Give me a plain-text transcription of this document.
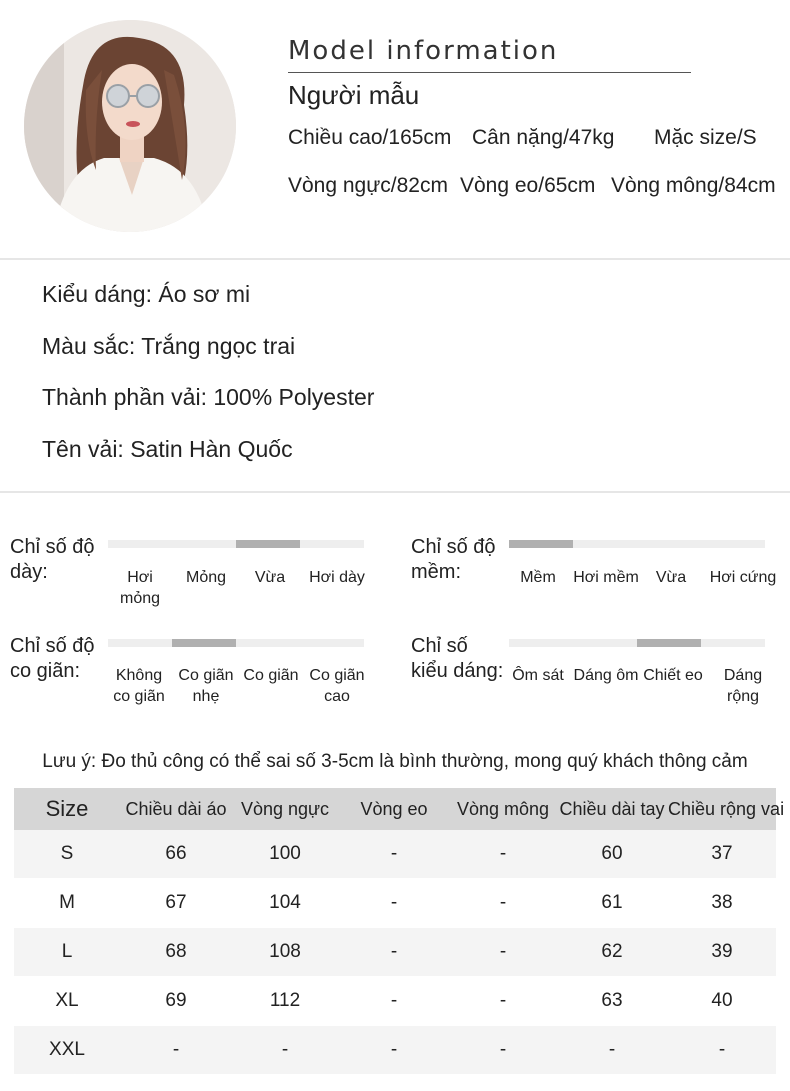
Model information
Người mẫu
Chiều cao/165cm Cân nặng/47kg Mặc size/S
Vòng ngực/82cm Vòng eo/65cm Vòng mông/84cm
Kiểu dáng: Áo sơ mi
Màu sắc: Trắng ngọc trai
Thành phần vải: 100% Polyester
Tên vải: Satin Hàn Quốc
Chỉ số độ
dày:	Hơi mỏng
Mỏng	Vừa	Hơi dày
Chỉ số độ
mềm:	Mềm	Hơi mềm	Vừa	Hơi cứng
Chỉ số độ
co giãn:	Không
co giãn
Co giãn
nhẹ
Co giãn Co giãn
cao
Chỉ số
kiểu dáng: Ôm sát Dáng ôm Chiết eo	Dáng
rộng
Lưu ý: Đo thủ công có thể sai số 3-5cm là bình thường, mong quý khách thông cảm
Size	Chiều dài áo	Vòng ngực	Vòng eo	Vòng mông	Chiều dài tay	Chiều rộng vai
S	66	100	-	-	60	37
M	67	104	-	-	61	38
L	68	108	-	-	62	39
XL	69	112	-	-	63	40
XXL	-	-	-	-	-	-
